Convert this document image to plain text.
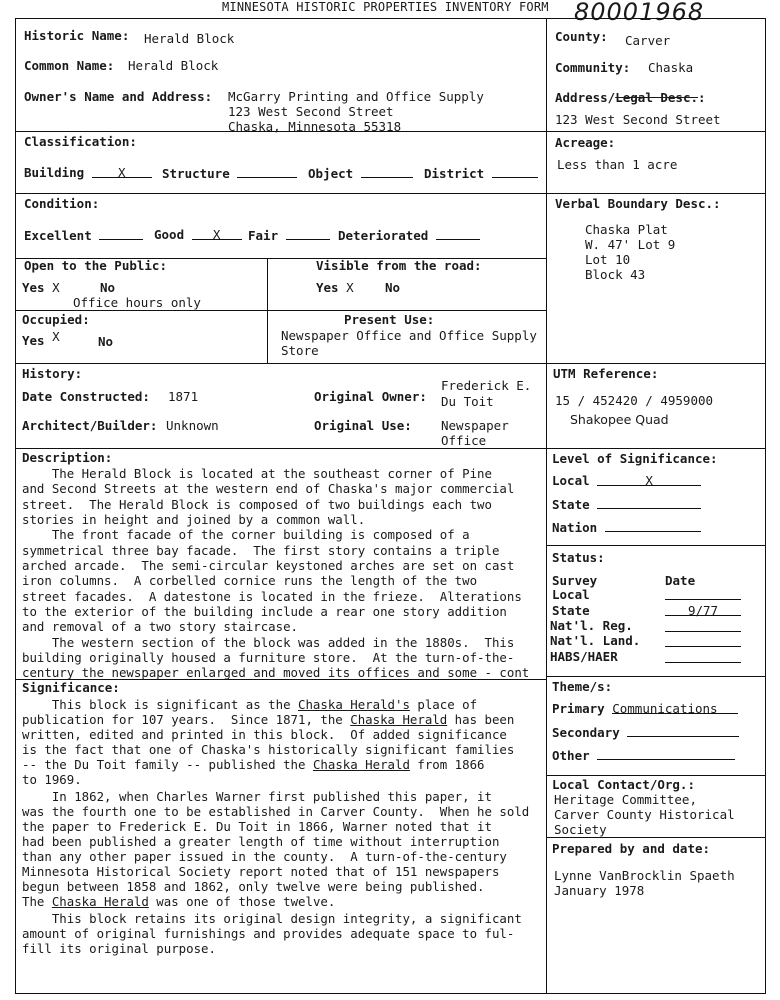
MINNESOTA HISTORIC PROPERTIES INVENTORY FORM 80001968
Historic Name: Herald Block
Common Name: Herald Block
Owner's Name and Address: McGarry Printing and Office Supply
123 West Second Street
Chaska, Minnesota 55318
County: Carver
Community: Chaska
Address/Legal Desc.:
123 West Second Street
Classification:
Building	X	Structure	Object	District
Acreage:
Less than 1 acre
Condition:
Excellent	Good X	Fair	Deteriorated
Verbal Boundary Desc.:
Chaska Plat
W. 47' Lot 9
Lot 10
Block 43
Open to the Public:
Yes X	No
Office hours only
Visible from the road:
Yes X	No
Occupied:
Yes X	No
Present Use:
Newspaper Office and Office Supply
Store
History:
Date Constructed: 1871	Original Owner:
Frederick E.
Du Toit
Architect/Builder: Unknown	Original Use: Newspaper
Office
UTM Reference:
15 / 452420 / 4959000
Shakopee Quad
Description:
The Herald Block is located at the southeast corner of Pine
and Second Streets at the western end of Chaska's major commercial
street.  The Herald Block is composed of two buildings each two
stories in height and joined by a common wall.
The front facade of the corner building is composed of a
symmetrical three bay facade.  The first story contains a triple
arched arcade.  The semi-circular keystoned arches are set on cast
iron columns.  A corbelled cornice runs the length of the two
street facades.  A datestone is located in the frieze.  Alterations
to the exterior of the building include a rear one story addition
and removal of a two story staircase.
The western section of the block was added in the 1880s.  This
building originally housed a furniture store.  At the turn-of-the-
century the newspaper enlarged and moved its offices and some - cont
Level of Significance:
Local	X
State
Nation
Status:
Survey	Date
Local
State	9/77
Nat'l. Reg.
Nat'l. Land.
HABS/HAER
Significance:
This block is significant as the Chaska Herald's place of
publication for 107 years.  Since 1871, the Chaska Herald has been
written, edited and printed in this block.  Of added significance
is the fact that one of Chaska's historically significant families
-- the Du Toit family -- published the Chaska Herald from 1866
to 1969.
In 1862, when Charles Warner first published this paper, it
was the fourth one to be established in Carver County.  When he sold
the paper to Frederick E. Du Toit in 1866, Warner noted that it
had been published a greater length of time without interruption
than any other paper issued in the county.  A turn-of-the-century
Minnesota Historical Society report noted that of 151 newspapers
begun between 1858 and 1862, only twelve were being published.
The Chaska Herald was one of those twelve.
This block retains its original design integrity, a significant
amount of original furnishings and provides adequate space to ful-
fill its original purpose.
Theme/s:
Primary Communications
Secondary
Other
Local Contact/Org.:
Heritage Committee,
Carver County Historical
Society
Prepared by and date:
Lynne VanBrocklin Spaeth
January 1978
